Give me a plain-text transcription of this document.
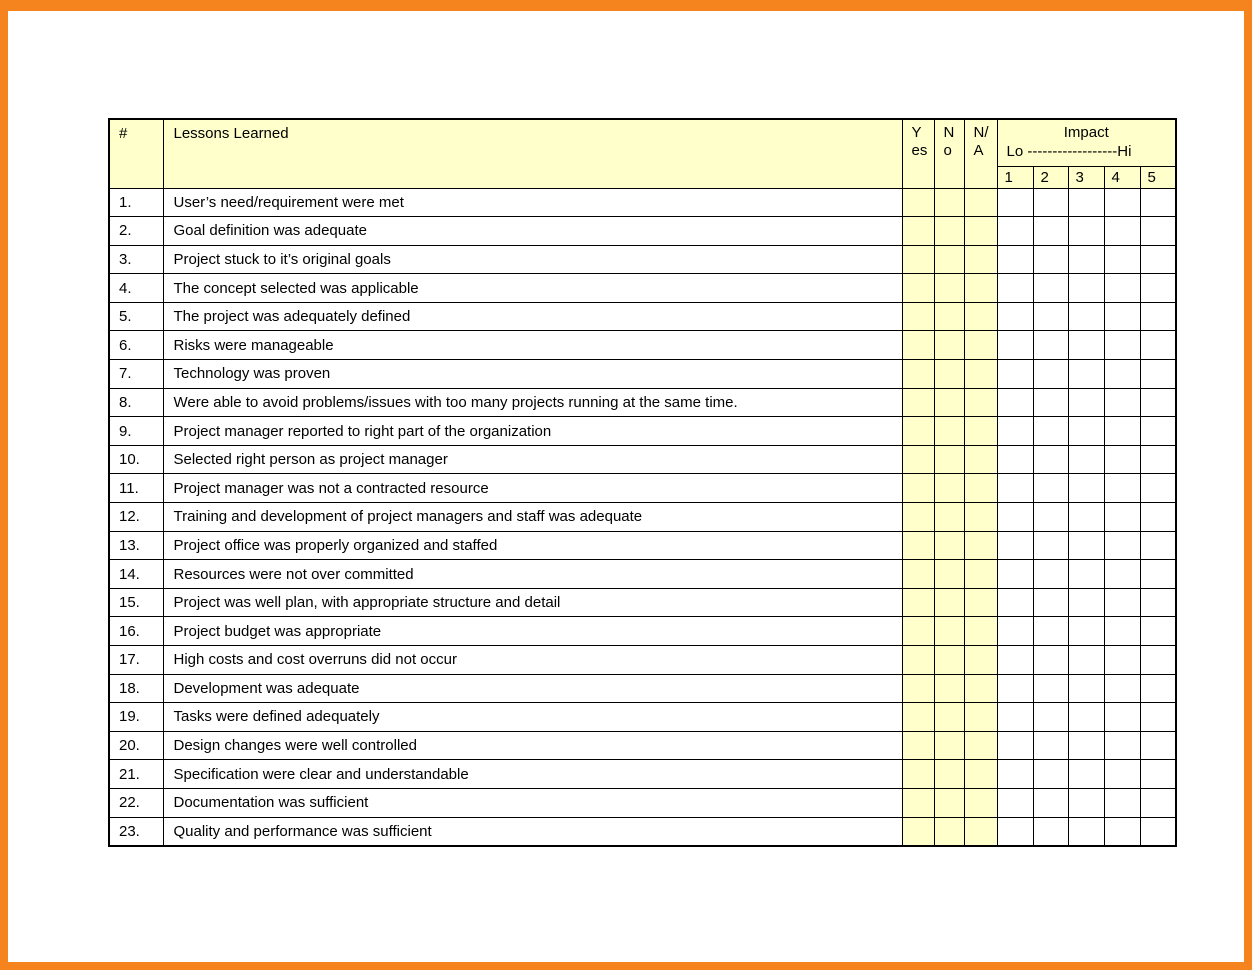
#	Lessons Learned	Yes	No	N/A	Impact
Lo ------------------Hi				

					1	2	3	4	5
1.	User’s need/requirement were met								
2.	Goal definition was adequate								
3.	Project stuck to it’s original goals								
4.	The concept selected was applicable								
5.	The project was adequately defined								
6.	Risks were manageable								
7.	Technology was proven								
8.	Were able to avoid problems/issues with too many projects running at the same time.								
9.	Project manager reported to right part of the organization								
10.	Selected right person as project manager								
11.	Project manager was not a contracted resource								
12.	Training and development of project managers and staff was adequate								
13.	Project office was properly organized and staffed								
14.	Resources were not over committed								
15.	Project was well plan, with appropriate structure and detail								
16.	Project budget was appropriate								
17.	High costs and cost overruns did not occur								
18.	Development was adequate								
19.	Tasks were defined adequately								
20.	Design changes were well controlled								
21.	Specification were clear and understandable								
22.	Documentation was sufficient								
23.	Quality and performance was sufficient								
